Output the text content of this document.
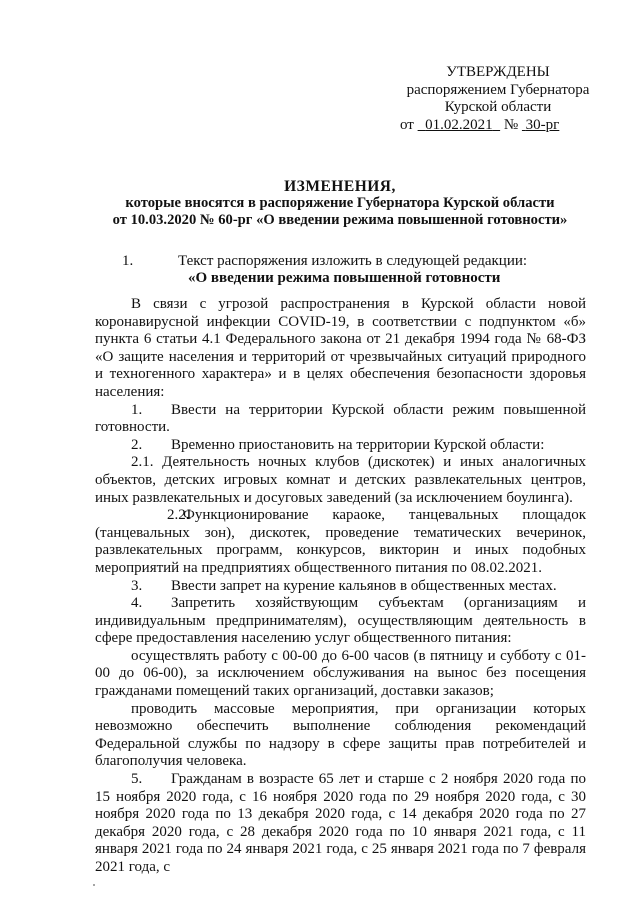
УТВЕРЖДЕНЫ
распоряжением Губернатора
Курской области
от 01.02.2021 № 30-рг
ИЗМЕНЕНИЯ,
которые вносятся в распоряжение Губернатора Курской области
от 10.03.2020 № 60-рг «О введении режима повышенной готовности»
1.	Текст распоряжения изложить в следующей редакции:
«О введении режима повышенной готовности

В связи с угрозой распространения в Курской области новой коронавирусной инфекции COVID-19, в соответствии с подпунктом «б» пункта 6 статьи 4.1 Федерального закона от 21 декабря 1994 года № 68-ФЗ «О защите населения и территорий от чрезвычайных ситуаций природного и техногенного характера» и в целях обеспечения безопасности здоровья населения:

1. Ввести на территории Курской области режим повышенной готовности.

2. Временно приостановить на территории Курской области:

2.1. Деятельность ночных клубов (дискотек) и иных аналогичных объектов, детских игровых комнат и детских развлекательных центров, иных развлекательных и досуговых заведений (за исключением боулинга).

2.2.Функционирование караоке, танцевальных площадок (танцевальных зон), дискотек, проведение тематических вечеринок, развлекательных программ, конкурсов, викторин и иных подобных мероприятий на предприятиях общественного питания по 08.02.2021.

3. Ввести запрет на курение кальянов в общественных местах.

4. Запретить хозяйствующим субъектам (организациям и индивидуальным предпринимателям), осуществляющим деятельность в сфере предоставления населению услуг общественного питания:

осуществлять работу с 00-00 до 6-00 часов (в пятницу и субботу с 01-00 до 06-00), за исключением обслуживания на вынос без посещения гражданами помещений таких организаций, доставки заказов;

проводить массовые мероприятия, при организации которых невозможно обеспечить выполнение соблюдения рекомендаций Федеральной службы по надзору в сфере защиты прав потребителей и благополучия человека.

5. Гражданам в возрасте 65 лет и старше с 2 ноября 2020 года по 15 ноября 2020 года, с 16 ноября 2020 года по 29 ноября 2020 года, с 30 ноября 2020 года по 13 декабря 2020 года, с 14 декабря 2020 года по 27 декабря 2020 года, с 28 декабря 2020 года по 10 января 2021 года, с 11 января 2021 года по 24 января 2021 года, с 25 января 2021 года по 7 февраля 2021 года, с
